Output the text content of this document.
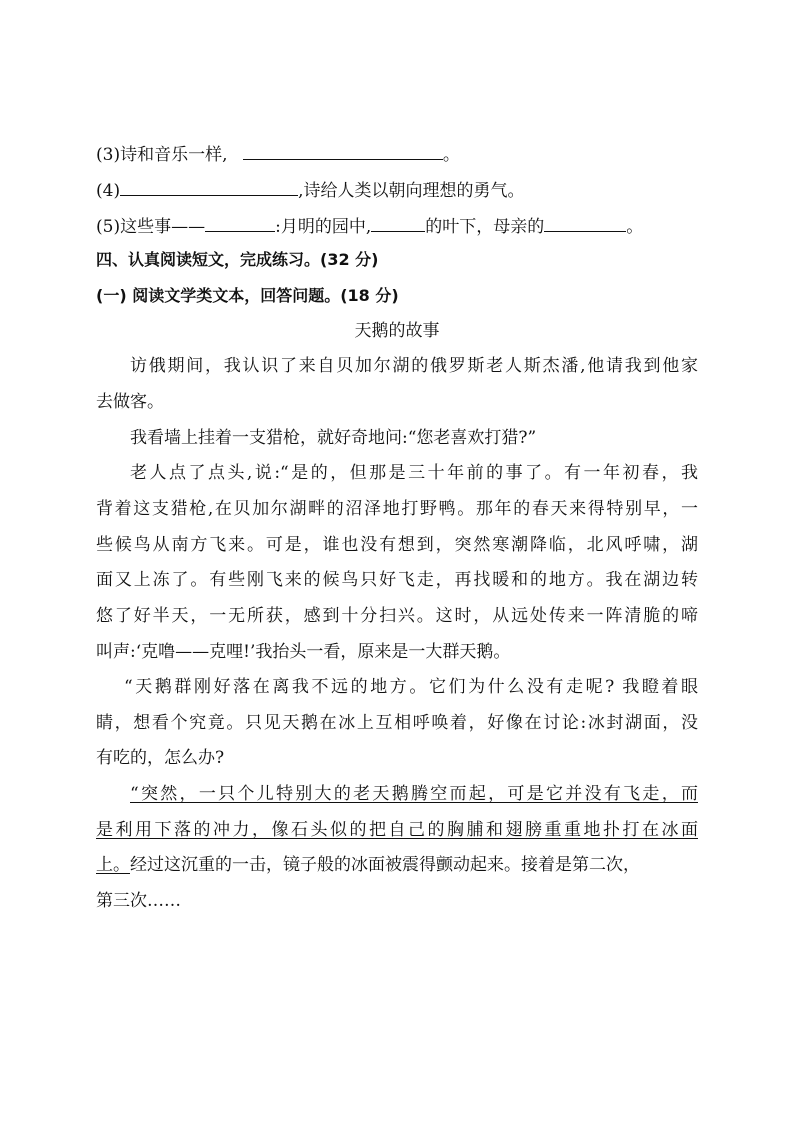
(3)诗和音乐一样,	。
(4)	,诗给人类以朝向理想的勇气。
(5)这些事——	:月明的园中,	的叶下，母亲的	。
四、认真阅读短文，完成练习。(32 分)
(一) 阅读文学类文本，回答问题。(18 分)
天鹅的故事
访俄期间，我认识了来自贝加尔湖的俄罗斯老人斯杰潘,他请我到他家
去做客。
我看墙上挂着一支猎枪，就好奇地问:“您老喜欢打猎?”
老人点了点头,说:“是的，但那是三十年前的事了。有一年初春，我
背着这支猎枪,在贝加尔湖畔的沼泽地打野鸭。那年的春天来得特别早，一
些候鸟从南方飞来。可是，谁也没有想到，突然寒潮降临，北风呼啸，湖
面又上冻了。有些刚飞来的候鸟只好飞走，再找暖和的地方。我在湖边转
悠了好半天，一无所获，感到十分扫兴。这时，从远处传来一阵清脆的啼
叫声:‘克噜——克哩!’我抬头一看，原来是一大群天鹅。
“天鹅群刚好落在离我不远的地方。它们为什么没有走呢? 我瞪着眼
睛，想看个究竟。只见天鹅在冰上互相呼唤着，好像在讨论:冰封湖面，没
有吃的，怎么办?
“突然，一只个儿特别大的老天鹅腾空而起，可是它并没有飞走，而
是利用下落的冲力，像石头似的把自己的胸脯和翅膀重重地扑打在冰面
上。经过这沉重的一击，镜子般的冰面被震得颤动起来。接着是第二次，
第三次……
